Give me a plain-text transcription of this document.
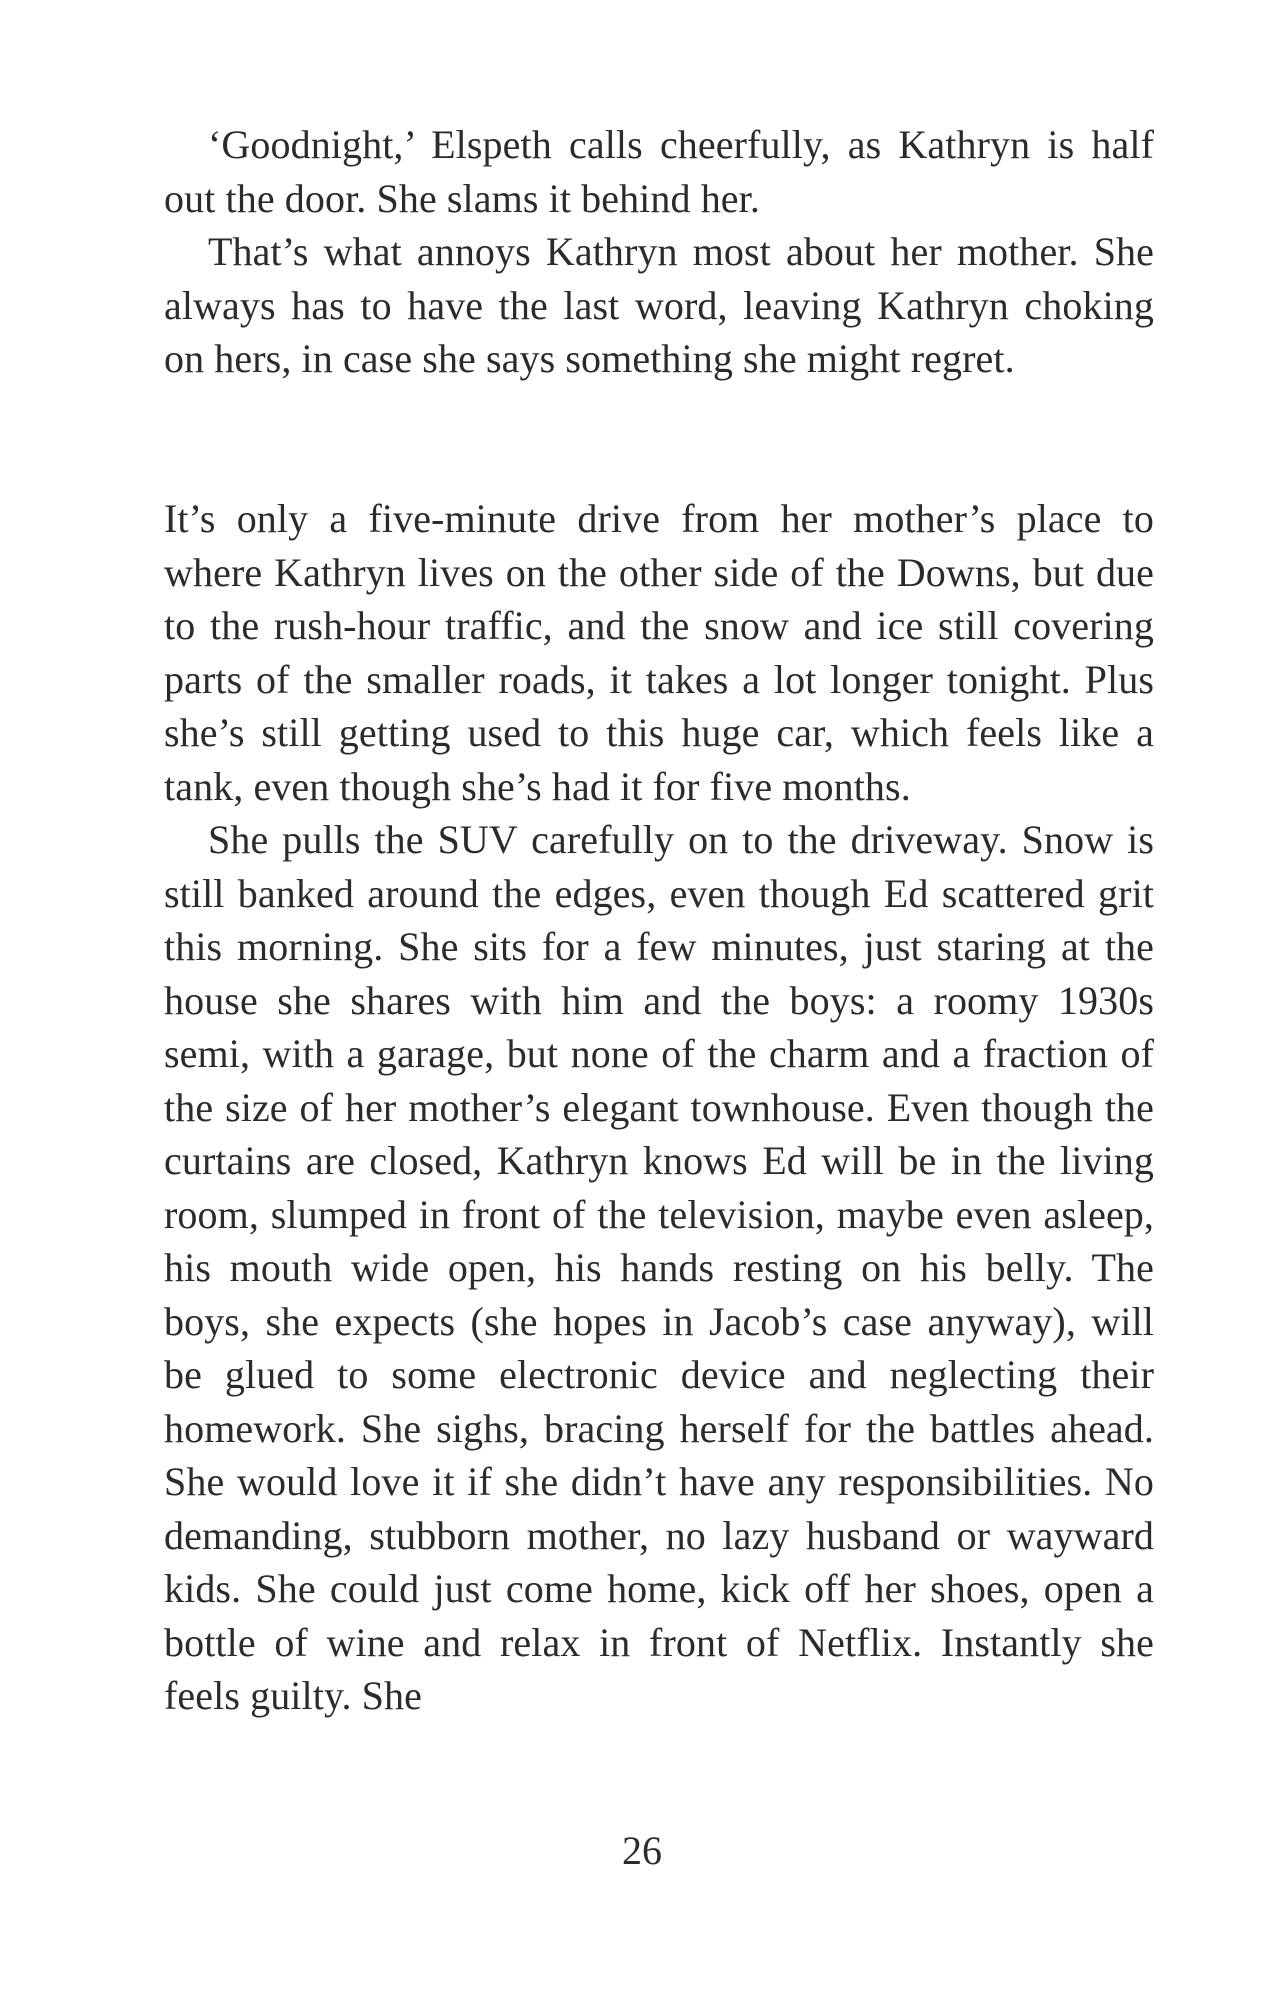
‘Goodnight,’ Elspeth calls cheerfully, as Kathryn is half out the door. She slams it behind her.

That’s what annoys Kathryn most about her mother. She always has to have the last word, leaving Kathryn choking on hers, in case she says something she might regret.

It’s only a five-minute drive from her mother’s place to where Kathryn lives on the other side of the Downs, but due to the rush-hour traffic, and the snow and ice still covering parts of the smaller roads, it takes a lot longer tonight. Plus she’s still getting used to this huge car, which feels like a tank, even though she’s had it for five months.

She pulls the SUV carefully on to the driveway. Snow is still banked around the edges, even though Ed scattered grit this morning. She sits for a few minutes, just staring at the house she shares with him and the boys: a roomy 1930s semi, with a garage, but none of the charm and a fraction of the size of her mother’s elegant townhouse. Even though the curtains are closed, Kathryn knows Ed will be in the living room, slumped in front of the television, maybe even asleep, his mouth wide open, his hands resting on his belly. The boys, she expects (she hopes in Jacob’s case anyway), will be glued to some electronic device and neglecting their homework. She sighs, bracing herself for the battles ahead. She would love it if she didn’t have any responsibilities. No demanding, stubborn mother, no lazy husband or wayward kids. She could just come home, kick off her shoes, open a bottle of wine and relax in front of Netflix. Instantly she feels guilty. She

26
